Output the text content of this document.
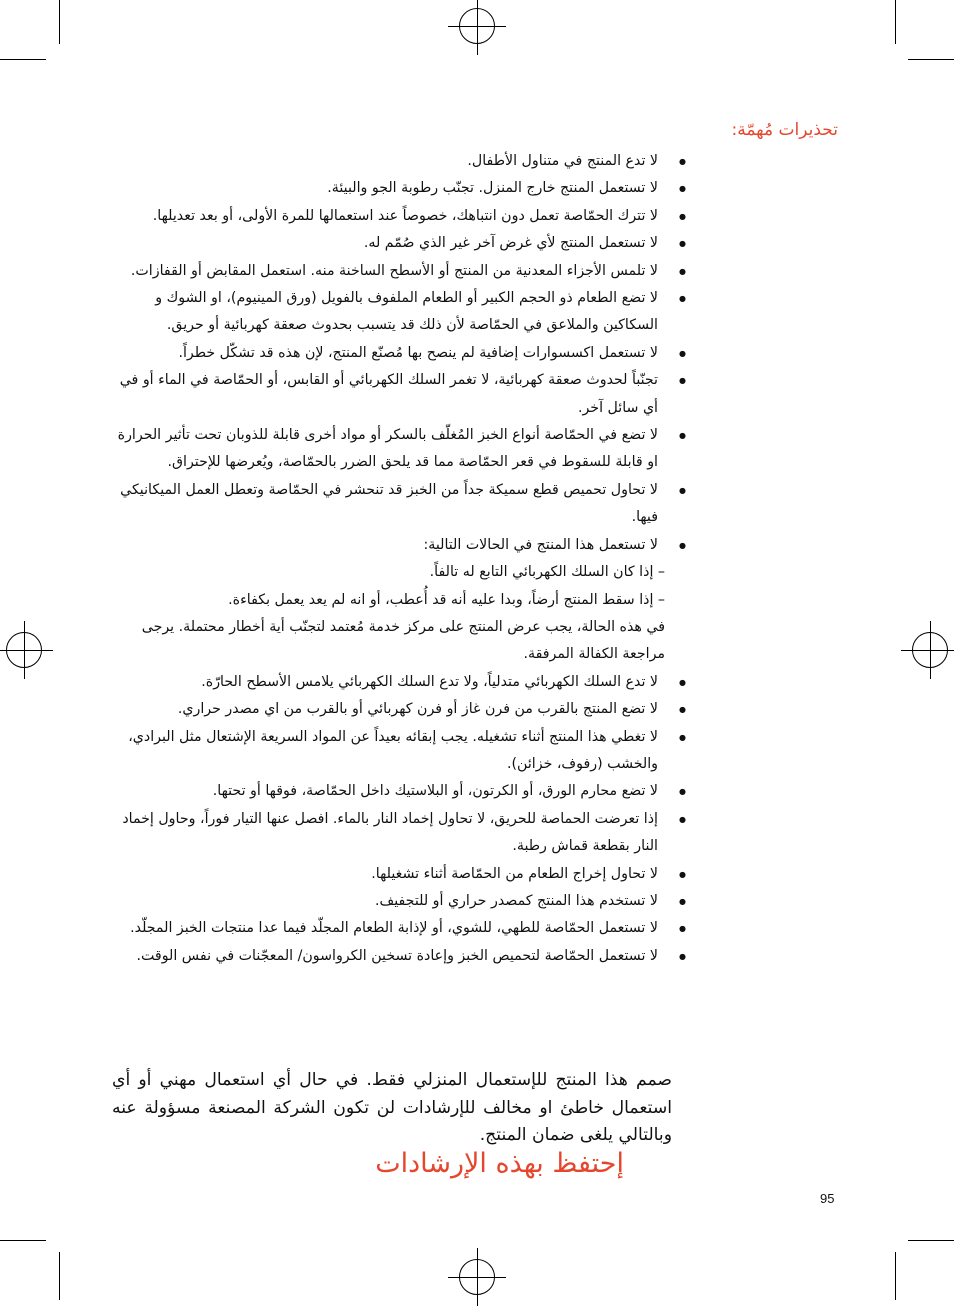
تحذيرات مُهمّة:
● لا تدع المنتج في متناول الأطفال.
● لا تستعمل المنتج خارج المنزل. تجنّب رطوبة الجو والبيئة.
● لا تترك الحمّاصة تعمل دون انتباهك، خصوصاً عند استعمالها للمرة الأولى، أو بعد تعديلها.
● لا تستعمل المنتج لأي غرض آخر غير الذي صُمّم له.
● لا تلمس الأجزاء المعدنية من المنتج أو الأسطح الساخنة منه. استعمل المقابض أو القفازات.
● لا تضع الطعام ذو الحجم الكبير أو الطعام الملفوف بالفويل (ورق المينيوم)، او الشوك و السكاكين والملاعق في الحمّاصة لأن ذلك قد يتسبب بحدوث صعقة كهربائية أو حريق.
● لا تستعمل اكسسوارات إضافية لم ينصح بها مُصنّع المنتج، لإن هذه قد تشكّل خطراً.
● تجنّباً لحدوث صعقة كهربائية، لا تغمر السلك الكهربائي أو القابس، أو الحمّاصة في الماء أو في أي سائل آخر.
● لا تضع في الحمّاصة أنواع الخبز المُغلّف بالسكر أو مواد أخرى قابلة للذوبان تحت تأثير الحرارة او قابلة للسقوط في قعر الحمّاصة مما قد يلحق الضرر بالحمّاصة، ويُعرضها للإحتراق.
● لا تحاول تحميص قطع سميكة جداً من الخبز قد تنحشر في الحمّاصة وتعطل العمل الميكانيكي فيها.
● لا تستعمل هذا المنتج في الحالات التالية:
– إذا كان السلك الكهربائي التابع له تالفاً.
– إذا سقط المنتج أرضاً، وبدا عليه أنه قد أُعطب، أو انه لم يعد يعمل بكفاءة.
في هذه الحالة، يجب عرض المنتج على مركز خدمة مُعتمد لتجنّب أية أخطار محتملة. يرجى مراجعة الكفالة المرفقة.
● لا تدع السلك الكهربائي متدلياً، ولا تدع السلك الكهربائي يلامس الأسطح الحارّة.
● لا تضع المنتج بالقرب من فرن غاز أو فرن كهربائي أو بالقرب من اي مصدر حراري.
● لا تغطي هذا المنتج أثناء تشغيله. يجب إبقائه بعيداً عن المواد السريعة الإشتعال مثل البرادي، والخشب (رفوف، خزائن).
● لا تضع محارم الورق، أو الكرتون، أو البلاستيك داخل الحمّاصة، فوقها أو تحتها.
● إذا تعرضت الحماصة للحريق، لا تحاول إخماد النار بالماء. افصل عنها التيار فوراً، وحاول إخماد النار بقطعة قماش رطبة.
● لا تحاول إخراج الطعام من الحمّاصة أثناء تشغيلها.
● لا تستخدم هذا المنتج كمصدر حراري أو للتجفيف.
● لا تستعمل الحمّاصة للطهي، للشوي، أو لإذابة الطعام المجلّد فيما عدا منتجات الخبز المجلّد.
● لا تستعمل الحمّاصة لتحميص الخبز وإعادة تسخين الكرواسون/ المعجّنات في نفس الوقت.
صمم هذا المنتج للإستعمال المنزلي فقط. في حال أي استعمال مهني أو أي استعمال خاطئ او مخالف للإرشادات لن تكون الشركة المصنعة مسؤولة عنه وبالتالي يلغى ضمان المنتج.
إحتفظ بهذه الإرشادات
95
